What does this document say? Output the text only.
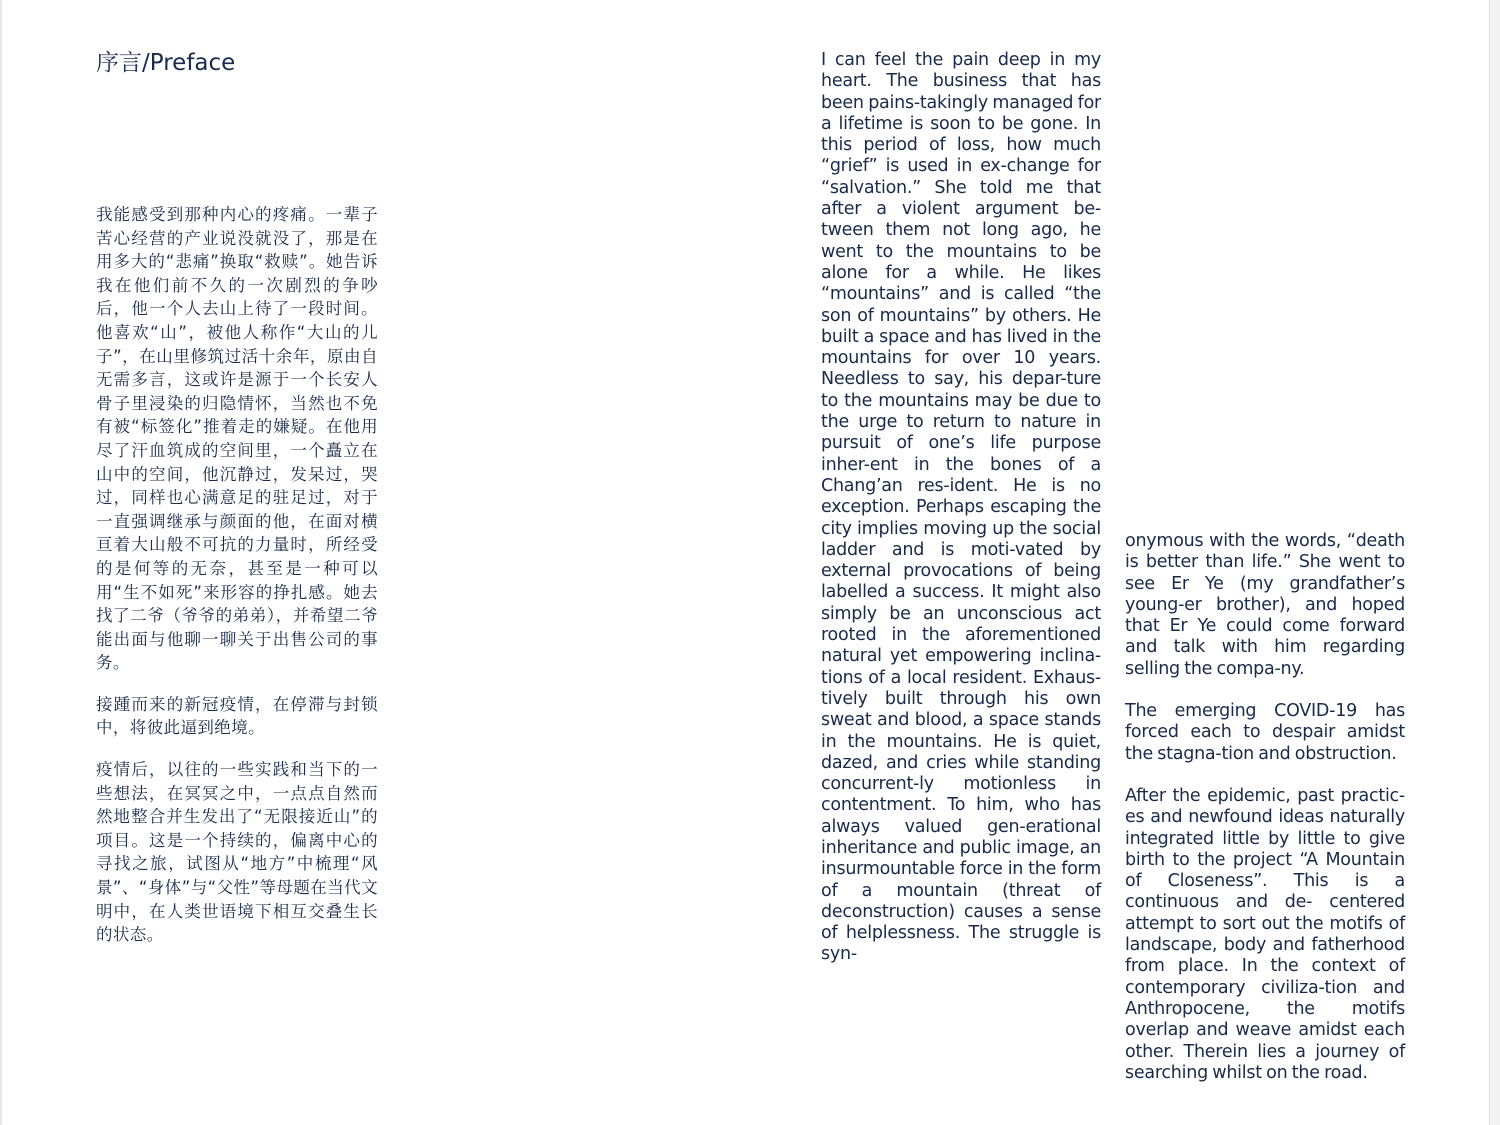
序言/Preface

我能感受到那种内心的疼痛。一辈子苦心经营的产业说没就没了，那是在用多大的“悲痛”换取“救赎”。她告诉我在他们前不久的一次剧烈的争吵后，他一个人去山上待了一段时间。他喜欢“山”，被他人称作“大山的儿子”，在山里修筑过活十余年，原由自无需多言，这或许是源于一个长安人骨子里浸染的归隐情怀，当然也不免有被“标签化”推着走的嫌疑。在他用尽了汗血筑成的空间里，一个矗立在山中的空间，他沉静过，发呆过，哭过，同样也心满意足的驻足过，对于一直强调继承与颜面的他，在面对横亘着大山般不可抗的力量时，所经受的是何等的无奈，甚至是一种可以用“生不如死”来形容的挣扎感。她去找了二爷（爷爷的弟弟），并希望二爷能出面与他聊一聊关于出售公司的事务。

接踵而来的新冠疫情，在停滞与封锁中，将彼此逼到绝境。

疫情后，以往的一些实践和当下的一些想法，在冥冥之中，一点点自然而然地整合并生发出了“无限接近山”的项目。这是一个持续的，偏离中心的寻找之旅，试图从“地方”中梳理“风景”、“身体”与“父性”等母题在当代文明中，在人类世语境下相互交叠生长的状态。

I can feel the pain deep in my heart. The business that has been pains-takingly managed for a lifetime is soon to be gone. In this period of loss, how much “grief” is used in ex-change for “salvation.” She told me that after a violent argument be-tween them not long ago, he went to the mountains to be alone for a while. He likes “mountains” and is called “the son of mountains” by others. He built a space and has lived in the mountains for over 10 years. Needless to say, his depar-ture to the mountains may be due to the urge to return to nature in pursuit of one’s life purpose inher-ent in the bones of a Chang’an res-ident. He is no exception. Perhaps escaping the city implies moving up the social ladder and is moti-vated by external provocations of being labelled a success. It might also simply be an unconscious act rooted in the aforementioned natural yet empowering inclina-tions of a local resident. Exhaus-tively built through his own sweat and blood, a space stands in the mountains. He is quiet, dazed, and cries while standing concurrent-ly motionless in contentment. To him, who has always valued gen-erational inheritance and public image, an insurmountable force in the form of a mountain (threat of deconstruction) causes a sense of helplessness. The struggle is syn-

onymous with the words, “death is better than life.” She went to see Er Ye (my grandfather’s young-er brother), and hoped that Er Ye could come forward and talk with him regarding selling the compa-ny.

The emerging COVID-19 has forced each to despair amidst the stagna-tion and obstruction.

After the epidemic, past practic-es and newfound ideas naturally integrated little by little to give birth to the project “A Mountain of Closeness”. This is a continuous and de- centered attempt to sort out the motifs of landscape, body and fatherhood from place. In the context of contemporary civiliza-tion and Anthropocene, the motifs overlap and weave amidst each other. Therein lies a journey of searching whilst on the road.
